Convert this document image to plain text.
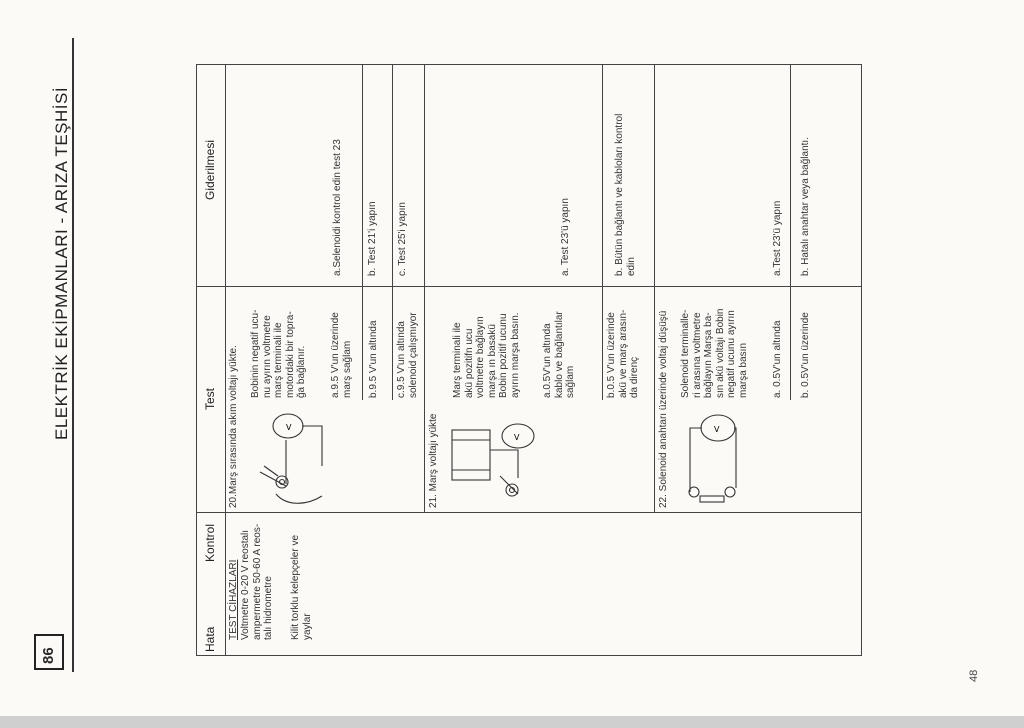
ELEKTRİK EKİPMANLARI - ARIZA TEŞHİSİ
86
48
Hata
Kontrol
Test
Giderilmesi
TEST CİHAZLARI Voltmetre 0-20 V reostalı ampermetre 50-60 A reos- talı hidrometre Kilit torklu kelepçeler ve yaylar
20.Marş sırasında akım voltajı yükte. Bobinin negatif ucu- nu ayırın voltmetre marş terminali ile motordaki bir topra- ğa bağlanır. a.9.5 V'un üzerinde marş sağlam b.9.5 V'un altında c.9.5 V'un altında solenoid çalışmıyor
V
a.Selenoidi kontrol edin test 23 b. Test 21'i yapın c. Test 25'i yapın
21. Marş voltajı yükte
Marş terminali ile akü pozitifn ucu voltmetre bağlayın marşa ın basakü Bobin pozitif ucunu ayırın marşa basın. a.0.5V'un altında kablo ve bağlantılar sağlam	b.0.5 V'un üzerinde akü ve marş arasın- da direnç
V
a. Test 23'ü yapın	b. Bütün bağlantı ve kabloları kontrol edin
22. Solenoid anahtarı üzerinde voltaj düşüşü Solenoid terminalle- ri arasına voltmetre bağlayın Marşa ba- sın akü voltajı Bobin negatif ucunu ayırın marşa basın a. 0.5V'un altında b. 0.5V'un üzerinde
V
a.Test 23'ü yapın b. Hatalı anahtar veya bağlantı.
